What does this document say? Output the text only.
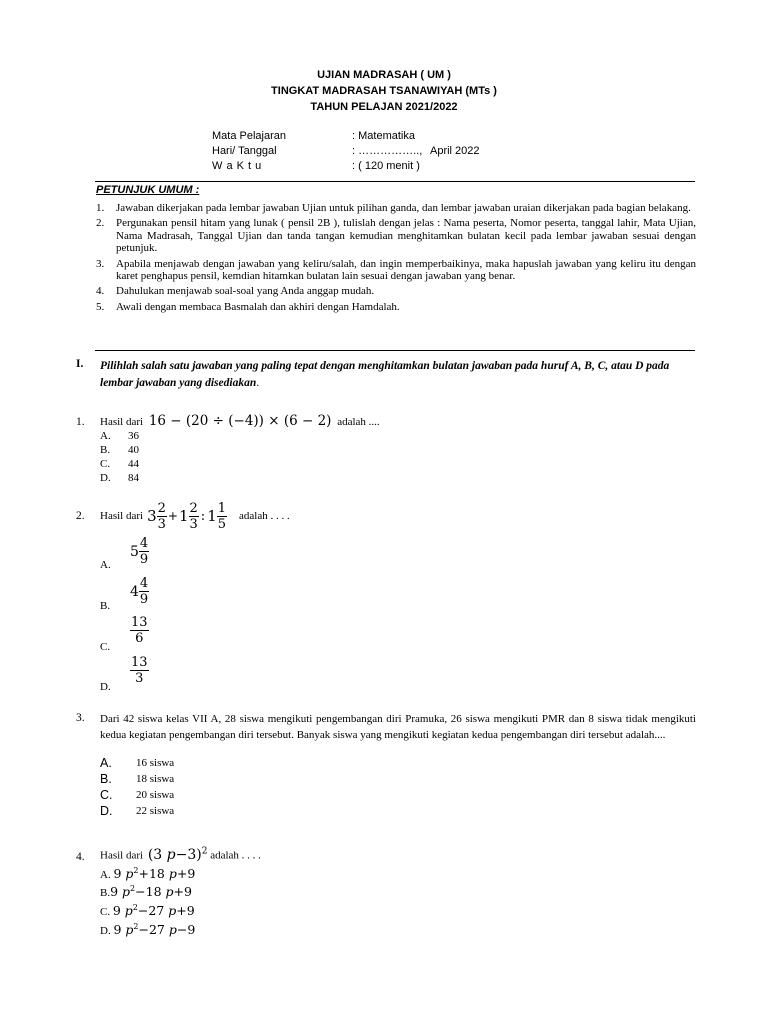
UJIAN MADRASAH ( UM )
TINGKAT MADRASAH TSANAWIYAH (MTs )
TAHUN PELAJAN 2021/2022
Mata Pelajaran	: Matematika
Hari/ Tanggal	: …………….., April 2022
W a K t u	: ( 120 menit )
PETUNJUK UMUM :
1.	Jawaban dikerjakan pada lembar jawaban Ujian untuk pilihan ganda, dan lembar jawaban uraian dikerjakan pada bagian belakang.
2.	Pergunakan pensil hitam yang lunak ( pensil 2B ), tulislah dengan jelas : Nama peserta, Nomor peserta, tanggal lahir, Mata Ujian, Nama Madrasah, Tanggal Ujian dan tanda tangan kemudian menghitamkan bulatan kecil pada lembar jawaban sesuai dengan petunjuk.
3.	Apabila menjawab dengan jawaban yang keliru/salah, dan ingin memperbaikinya, maka hapuslah jawaban yang keliru itu dengan karet penghapus pensil, kemdian hitamkan bulatan lain sesuai dengan jawaban yang benar.
4.	Dahulukan menjawab soal-soal yang Anda anggap mudah.
5.	Awali dengan membaca Basmalah dan akhiri dengan Hamdalah.
I. Pilihlah salah satu jawaban yang paling tepat dengan menghitamkan bulatan jawaban pada huruf A, B, C, atau D pada lembar jawaban yang disediakan.
1. Hasil dari 16 − (20 ÷ (−4)) × (6 − 2) adalah ....
A. 36
B. 40
C. 44
D. 84
2. Hasil dari $3 \frac{2}{3} + 1 \frac{2}{3}$ : $1 \frac{1}{5}$ adalah . . . .
A.
$5 \frac{4}{9}$
B.
$4 \frac{4}{9}$
C.
$\frac{13}{6}$
D.
$\frac{13}{3}$
3. Dari 42 siswa kelas VII A, 28 siswa mengikuti pengembangan diri Pramuka, 26 siswa mengikuti PMR dan 8 siswa tidak mengikuti kedua kegiatan pengembangan diri tersebut. Banyak siswa yang mengikuti kegiatan kedua pengembangan diri tersebut adalah....
A. 16 siswa
B. 18 siswa
C. 20 siswa
D. 22 siswa
4. Hasil dari (3 p−3)$^2$ adalah . . . .
A. 9 $p^2+18$ p+9
B.9 $p^2-18$ p+9
C. 9 $p^2-27$ p+9
D. 9 $p^2-27$ p−9
